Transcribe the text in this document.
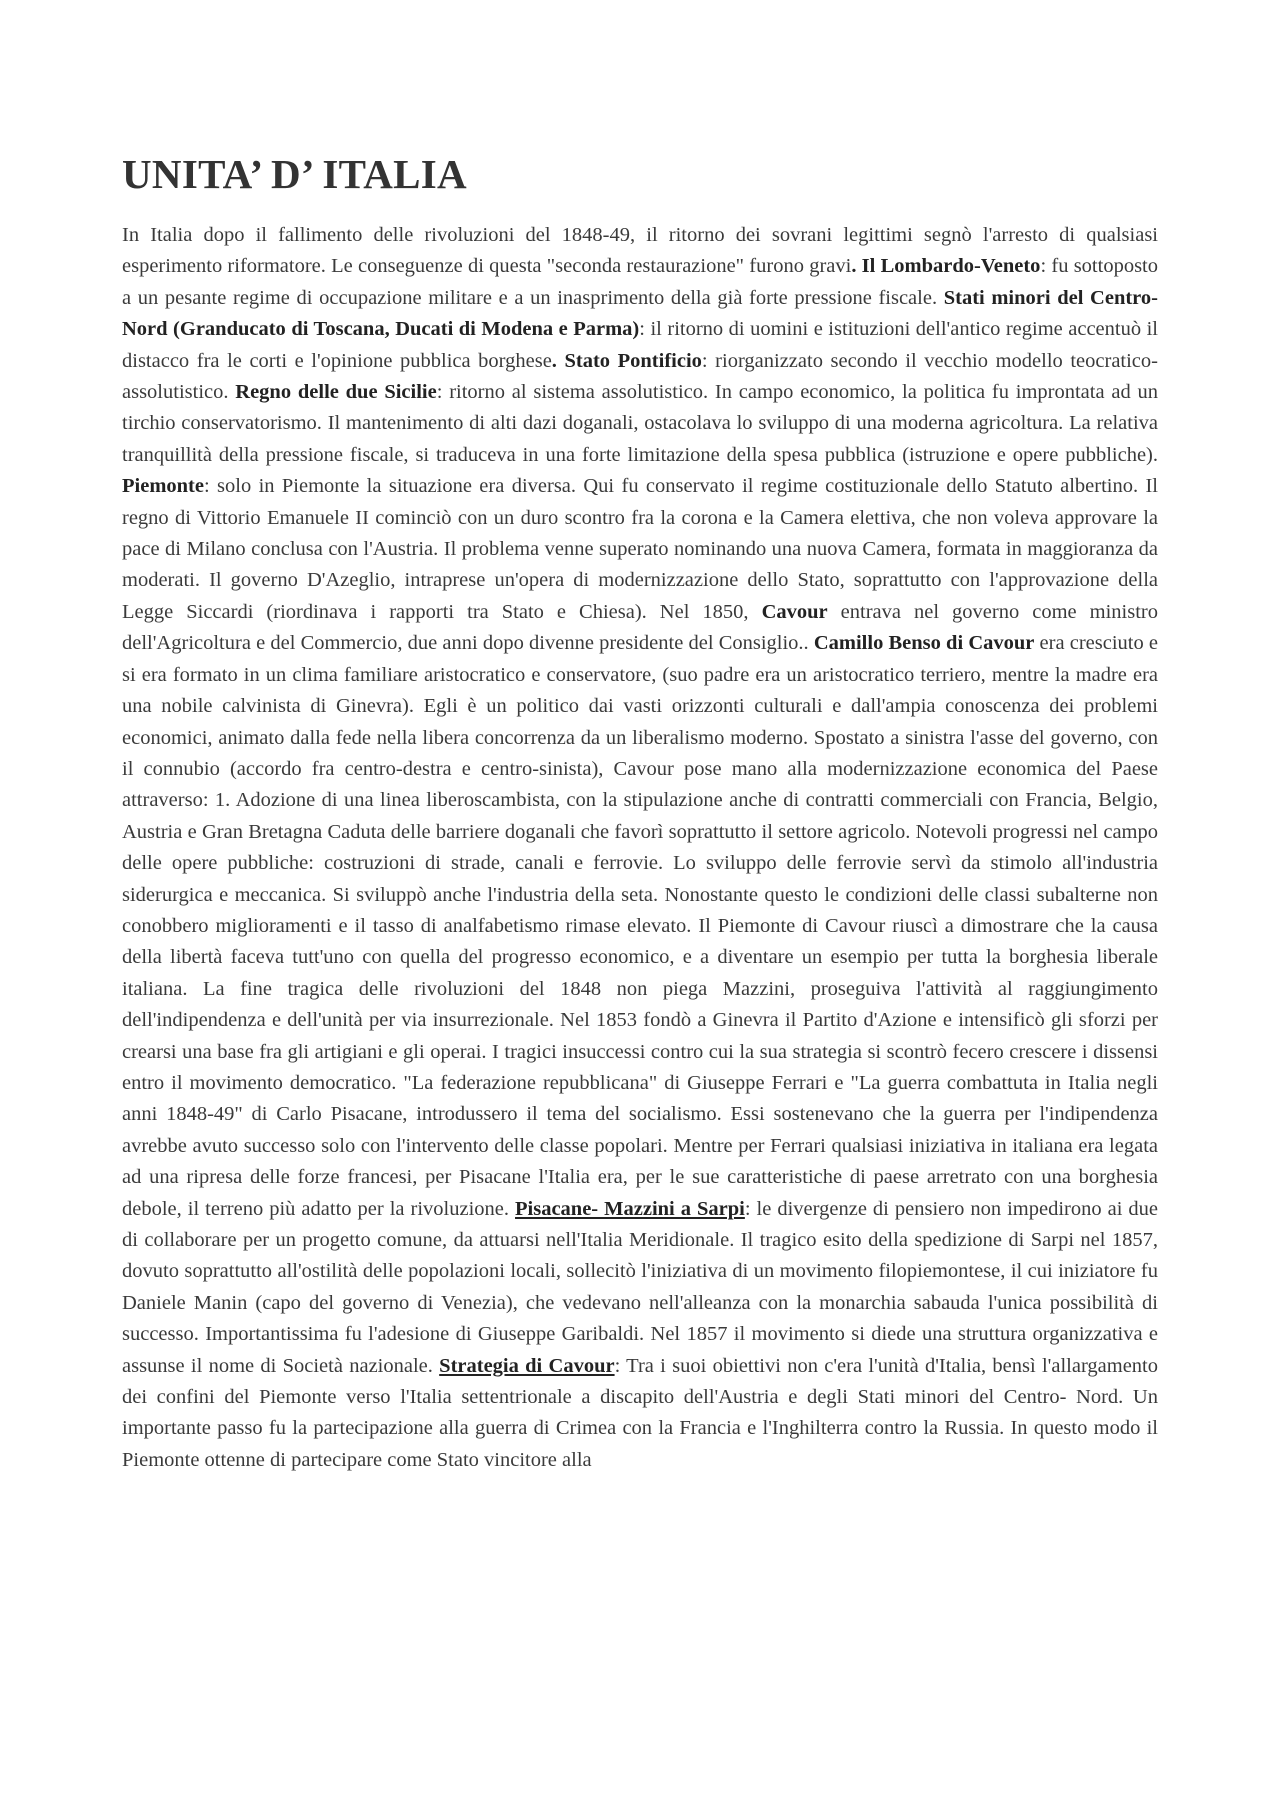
UNITA’ D’ ITALIA

In Italia dopo il fallimento delle rivoluzioni del 1848-49, il ritorno dei sovrani legittimi segnò l'arresto di qualsiasi esperimento riformatore. Le conseguenze di questa "seconda restaurazione" furono gravi. Il Lombardo-Veneto: fu sottoposto a un pesante regime di occupazione militare e a un inasprimento della già forte pressione fiscale. Stati minori del Centro-Nord (Granducato di Toscana, Ducati di Modena e Parma): il ritorno di uomini e istituzioni dell'antico regime accentuò il distacco fra le corti e l'opinione pubblica borghese. Stato Pontificio: riorganizzato secondo il vecchio modello teocratico-assolutistico. Regno delle due Sicilie: ritorno al sistema assolutistico. In campo economico, la politica fu improntata ad un tirchio conservatorismo. Il mantenimento di alti dazi doganali, ostacolava lo sviluppo di una moderna agricoltura. La relativa tranquillità della pressione fiscale, si traduceva in una forte limitazione della spesa pubblica (istruzione e opere pubbliche). Piemonte: solo in Piemonte la situazione era diversa. Qui fu conservato il regime costituzionale dello Statuto albertino. Il regno di Vittorio Emanuele II cominciò con un duro scontro fra la corona e la Camera elettiva, che non voleva approvare la pace di Milano conclusa con l'Austria. Il problema venne superato nominando una nuova Camera, formata in maggioranza da moderati. Il governo D'Azeglio, intraprese un'opera di modernizzazione dello Stato, soprattutto con l'approvazione della Legge Siccardi (riordinava i rapporti tra Stato e Chiesa). Nel 1850, Cavour entrava nel governo come ministro dell'Agricoltura e del Commercio, due anni dopo divenne presidente del Consiglio.. Camillo Benso di Cavour era cresciuto e si era formato in un clima familiare aristocratico e conservatore, (suo padre era un aristocratico terriero, mentre la madre era una nobile calvinista di Ginevra). Egli è un politico dai vasti orizzonti culturali e dall'ampia conoscenza dei problemi economici, animato dalla fede nella libera concorrenza da un liberalismo moderno. Spostato a sinistra l'asse del governo, con il connubio (accordo fra centro-destra e centro-sinista), Cavour pose mano alla modernizzazione economica del Paese attraverso: 1. Adozione di una linea liberoscambista, con la stipulazione anche di contratti commerciali con Francia, Belgio, Austria e Gran Bretagna Caduta delle barriere doganali che favorì soprattutto il settore agricolo. Notevoli progressi nel campo delle opere pubbliche: costruzioni di strade, canali e ferrovie. Lo sviluppo delle ferrovie servì da stimolo all'industria siderurgica e meccanica. Si sviluppò anche l'industria della seta. Nonostante questo le condizioni delle classi subalterne non conobbero miglioramenti e il tasso di analfabetismo rimase elevato. Il Piemonte di Cavour riuscì a dimostrare che la causa della libertà faceva tutt'uno con quella del progresso economico, e a diventare un esempio per tutta la borghesia liberale italiana. La fine tragica delle rivoluzioni del 1848 non piega Mazzini, proseguiva l'attività al raggiungimento dell'indipendenza e dell'unità per via insurrezionale. Nel 1853 fondò a Ginevra il Partito d'Azione e intensificò gli sforzi per crearsi una base fra gli artigiani e gli operai. I tragici insuccessi contro cui la sua strategia si scontrò fecero crescere i dissensi entro il movimento democratico. "La federazione repubblicana" di Giuseppe Ferrari e "La guerra combattuta in Italia negli anni 1848-49" di Carlo Pisacane, introdussero il tema del socialismo. Essi sostenevano che la guerra per l'indipendenza avrebbe avuto successo solo con l'intervento delle classe popolari. Mentre per Ferrari qualsiasi iniziativa in italiana era legata ad una ripresa delle forze francesi, per Pisacane l'Italia era, per le sue caratteristiche di paese arretrato con una borghesia debole, il terreno più adatto per la rivoluzione. Pisacane- Mazzini a Sarpi: le divergenze di pensiero non impedirono ai due di collaborare per un progetto comune, da attuarsi nell'Italia Meridionale. Il tragico esito della spedizione di Sarpi nel 1857, dovuto soprattutto all'ostilità delle popolazioni locali, sollecitò l'iniziativa di un movimento filopiemontese, il cui iniziatore fu Daniele Manin (capo del governo di Venezia), che vedevano nell'alleanza con la monarchia sabauda l'unica possibilità di successo. Importantissima fu l'adesione di Giuseppe Garibaldi. Nel 1857 il movimento si diede una struttura organizzativa e assunse il nome di Società nazionale. Strategia di Cavour: Tra i suoi obiettivi non c'era l'unità d'Italia, bensì l'allargamento dei confini del Piemonte verso l'Italia settentrionale a discapito dell'Austria e degli Stati minori del Centro- Nord. Un importante passo fu la partecipazione alla guerra di Crimea con la Francia e l'Inghilterra contro la Russia. In questo modo il Piemonte ottenne di partecipare come Stato vincitore alla
